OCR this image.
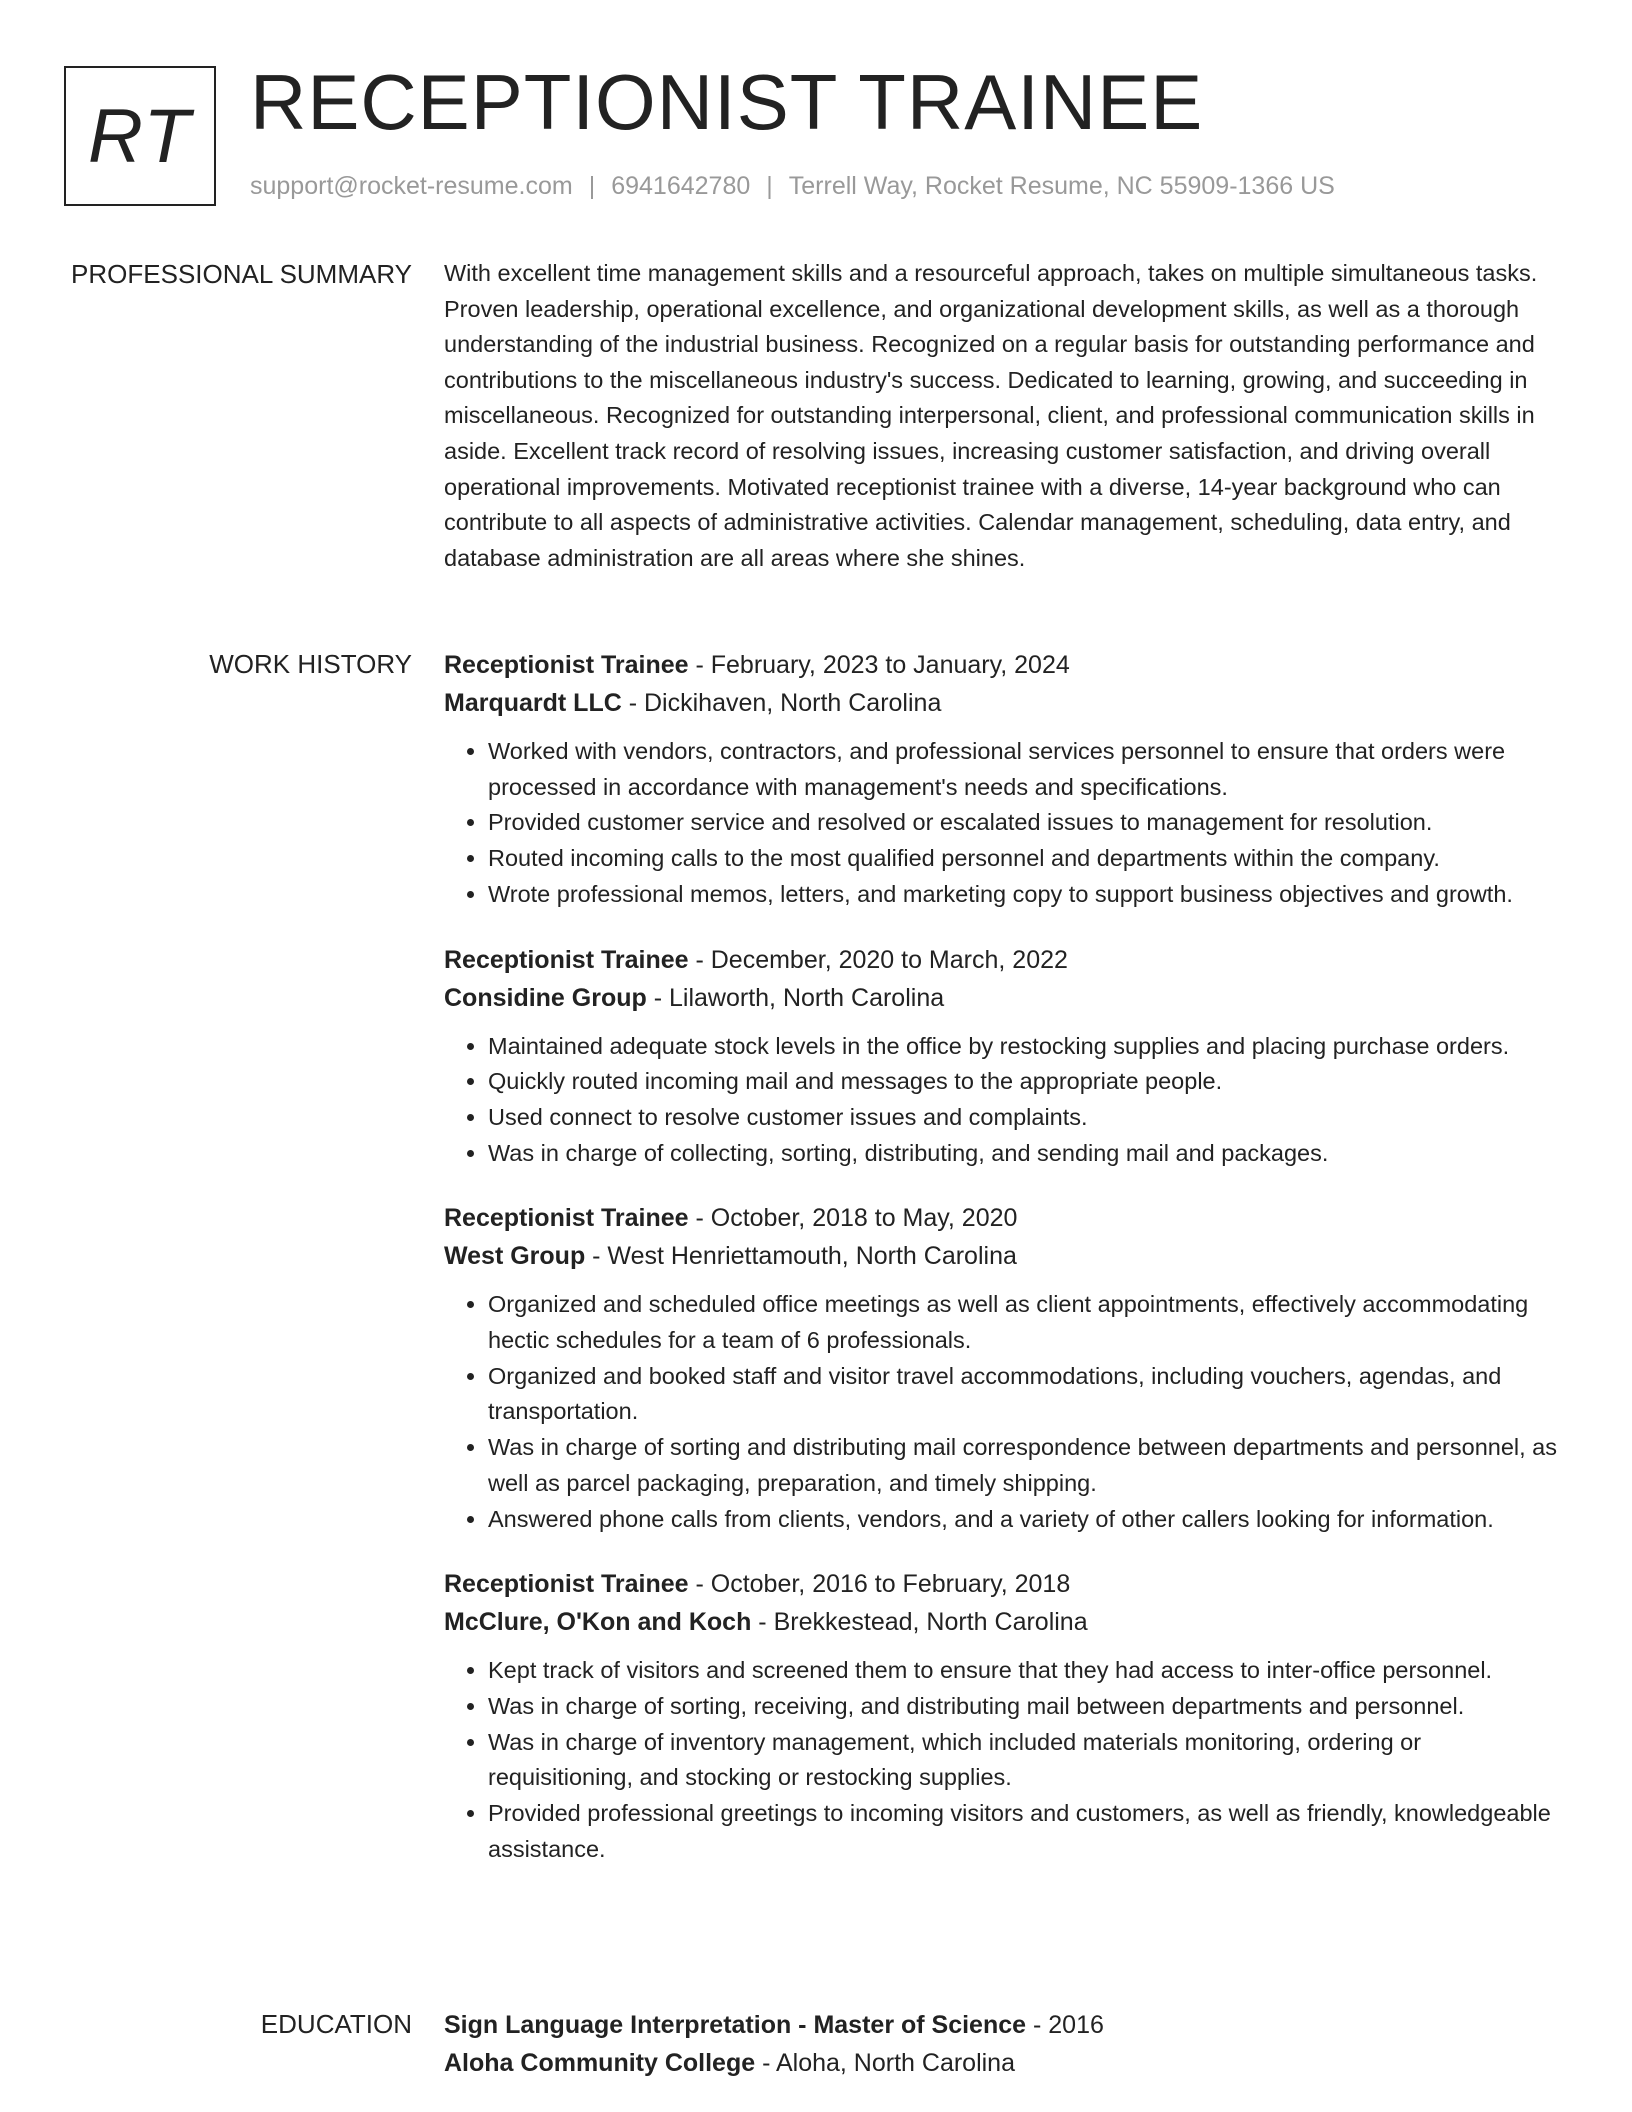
RT RECEPTIONIST TRAINEE
support@rocket-resume.com | 6941642780 | Terrell Way, Rocket Resume, NC 55909-1366 US
PROFESSIONAL SUMMARY With excellent time management skills and a resourceful approach, takes on multiple simultaneous tasks. Proven leadership, operational excellence, and organizational development skills, as well as a thorough understanding of the industrial business. Recognized on a regular basis for outstanding performance and contributions to the miscellaneous industry's success. Dedicated to learning, growing, and succeeding in miscellaneous. Recognized for outstanding interpersonal, client, and professional communication skills in aside. Excellent track record of resolving issues, increasing customer satisfaction, and driving overall operational improvements. Motivated receptionist trainee with a diverse, 14-year background who can contribute to all aspects of administrative activities. Calendar management, scheduling, data entry, and database administration are all areas where she shines.

WORK HISTORY Receptionist Trainee - February, 2023 to January, 2024
Marquardt LLC - Dickihaven, North Carolina
• Worked with vendors, contractors, and professional services personnel to ensure that orders were processed in accordance with management's needs and specifications.
• Provided customer service and resolved or escalated issues to management for resolution.
• Routed incoming calls to the most qualified personnel and departments within the company.
• Wrote professional memos, letters, and marketing copy to support business objectives and growth.
Receptionist Trainee - December, 2020 to March, 2022
Considine Group - Lilaworth, North Carolina
• Maintained adequate stock levels in the office by restocking supplies and placing purchase orders.
• Quickly routed incoming mail and messages to the appropriate people.
• Used connect to resolve customer issues and complaints.
• Was in charge of collecting, sorting, distributing, and sending mail and packages.
Receptionist Trainee - October, 2018 to May, 2020
West Group - West Henriettamouth, North Carolina
• Organized and scheduled office meetings as well as client appointments, effectively accommodating hectic schedules for a team of 6 professionals.
• Organized and booked staff and visitor travel accommodations, including vouchers, agendas, and transportation.
• Was in charge of sorting and distributing mail correspondence between departments and personnel, as well as parcel packaging, preparation, and timely shipping.
• Answered phone calls from clients, vendors, and a variety of other callers looking for information.
Receptionist Trainee - October, 2016 to February, 2018
McClure, O'Kon and Koch - Brekkestead, North Carolina
• Kept track of visitors and screened them to ensure that they had access to inter-office personnel.
• Was in charge of sorting, receiving, and distributing mail between departments and personnel.
• Was in charge of inventory management, which included materials monitoring, ordering or requisitioning, and stocking or restocking supplies.
• Provided professional greetings to incoming visitors and customers, as well as friendly, knowledgeable assistance.
EDUCATION Sign Language Interpretation - Master of Science - 2016
Aloha Community College - Aloha, North Carolina
